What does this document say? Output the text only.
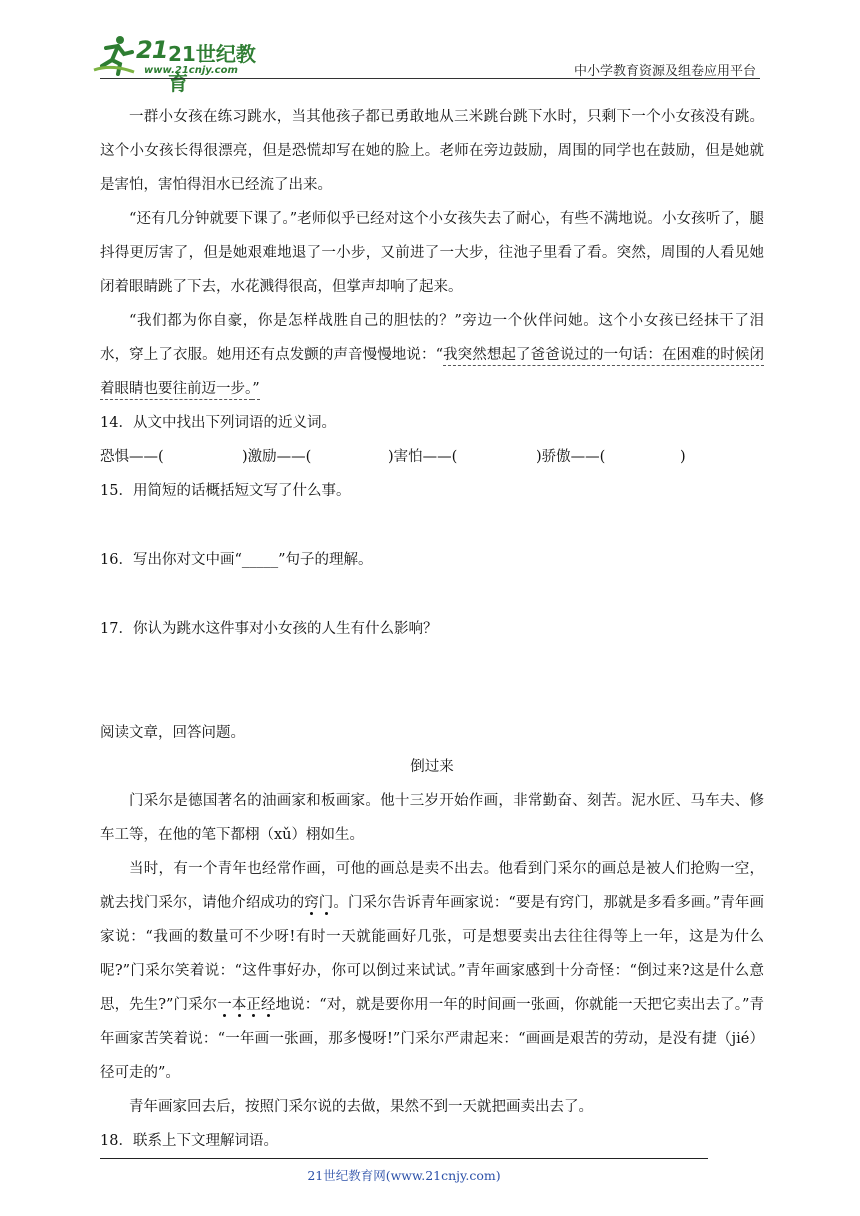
21 21世纪教育
www.21cnjy.com	中小学教育资源及组卷应用平台

一群小女孩在练习跳水，当其他孩子都已勇敢地从三米跳台跳下水时，只剩下一个小女孩没有跳。这个小女孩长得很漂亮，但是恐慌却写在她的脸上。老师在旁边鼓励，周围的同学也在鼓励，但是她就是害怕，害怕得泪水已经流了出来。

“还有几分钟就要下课了。”老师似乎已经对这个小女孩失去了耐心，有些不满地说。小女孩听了，腿抖得更厉害了，但是她艰难地退了一小步，又前进了一大步，往池子里看了看。突然，周围的人看见她闭着眼睛跳了下去，水花溅得很高，但掌声却响了起来。

“我们都为你自豪，你是怎样战胜自己的胆怯的？”旁边一个伙伴问她。这个小女孩已经抹干了泪水，穿上了衣服。她用还有点发颤的声音慢慢地说：“我突然想起了爸爸说过的一句话：在困难的时候闭着眼睛也要往前迈一步。”

14．从文中找出下列词语的近义词。

恐惧——(	)激励——(	)害怕——(	)骄傲——(	)

15．用简短的话概括短文写了什么事。

16．写出你对文中画“_____”句子的理解。

17．你认为跳水这件事对小女孩的人生有什么影响？

阅读文章，回答问题。

倒过来

门采尔是德国著名的油画家和板画家。他十三岁开始作画，非常勤奋、刻苦。泥水匠、马车夫、修车工等，在他的笔下都栩（xǔ）栩如生。

当时，有一个青年也经常作画，可他的画总是卖不出去。他看到门采尔的画总是被人们抢购一空，就去找门采尔，请他介绍成功的窍门。门采尔告诉青年画家说：“要是有窍门，那就是多看多画。”青年画家说：“我画的数量可不少呀!有时一天就能画好几张，可是想要卖出去往往得等上一年，这是为什么呢?”门采尔笑着说：“这件事好办，你可以倒过来试试。”青年画家感到十分奇怪：“倒过来?这是什么意思，先生?”门采尔一本正经地说：“对，就是要你用一年的时间画一张画，你就能一天把它卖出去了。”青年画家苦笑着说：“一年画一张画，那多慢呀!”门采尔严肃起来：“画画是艰苦的劳动，是没有捷（jié）径可走的”。

青年画家回去后，按照门采尔说的去做，果然不到一天就把画卖出去了。

18．联系上下文理解词语。

21世纪教育网(www.21cnjy.com)
